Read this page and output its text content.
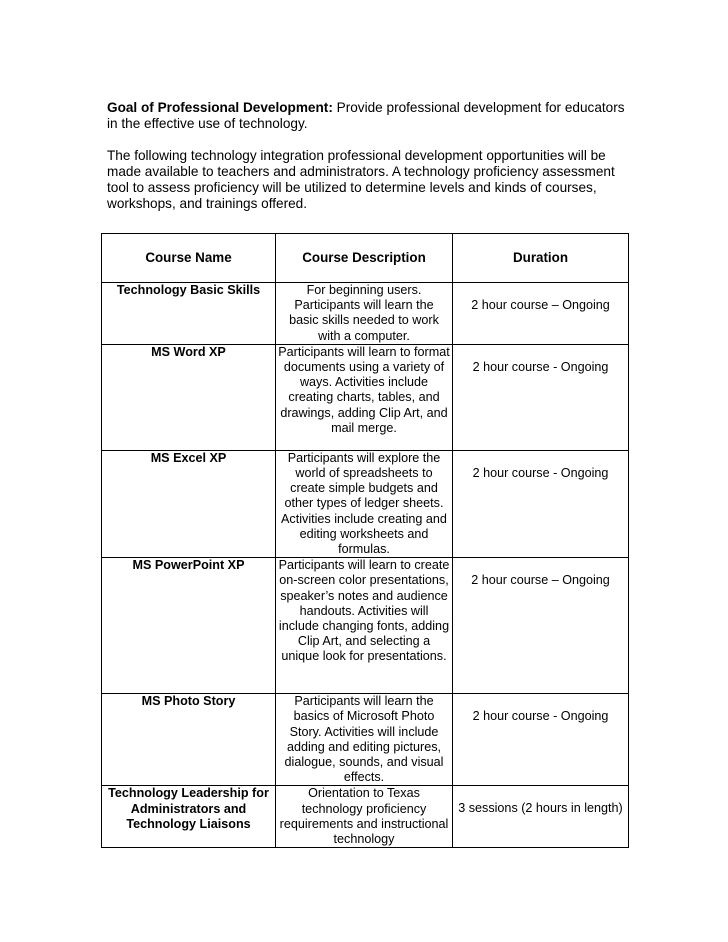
Goal of Professional Development: Provide professional development for educators in the effective use of technology.

The following technology integration professional development opportunities will be made available to teachers and administrators. A technology proficiency assessment tool to assess proficiency will be utilized to determine levels and kinds of courses, workshops, and trainings offered.

Course Name	Course Description	Duration
Technology Basic Skills	For beginning users. Participants will learn the basic skills needed to work with a computer.	2 hour course – Ongoing
MS Word XP	Participants will learn to format documents using a variety of ways. Activities include creating charts, tables, and drawings, adding Clip Art, and mail merge.	2 hour course - Ongoing
MS Excel XP	Participants will explore the world of spreadsheets to create simple budgets and other types of ledger sheets. Activities include creating and editing worksheets and formulas.	2 hour course - Ongoing
MS PowerPoint XP	Participants will learn to create on-screen color presentations, speaker’s notes and audience handouts. Activities will include changing fonts, adding Clip Art, and selecting a unique look for presentations.	2 hour course – Ongoing
MS Photo Story	Participants will learn the basics of Microsoft Photo Story. Activities will include adding and editing pictures, dialogue, sounds, and visual effects.	2 hour course - Ongoing
Technology Leadership for Administrators and Technology Liaisons	Orientation to Texas technology proficiency requirements and instructional technology	3 sessions (2 hours in length)
